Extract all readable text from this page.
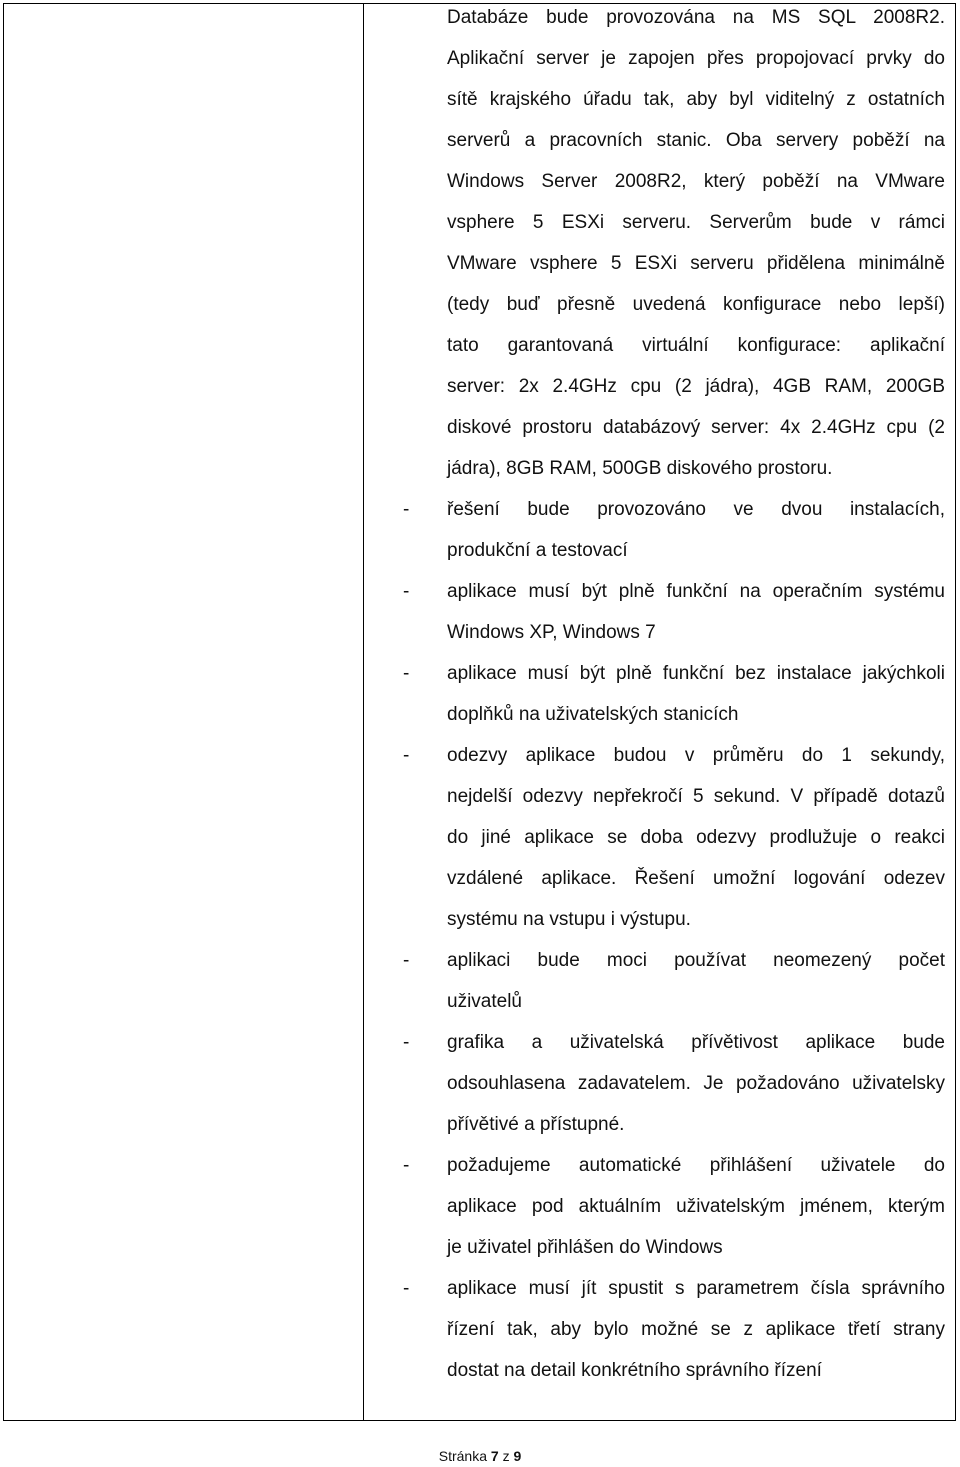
Databáze bude provozována na MS SQL 2008R2.
Aplikační server je zapojen přes propojovací prvky do
sítě krajského úřadu tak, aby byl viditelný z ostatních
serverů a pracovních stanic. Oba servery poběží na
Windows Server 2008R2, který poběží na VMware
vsphere 5 ESXi serveru. Serverům bude v rámci
VMware vsphere 5 ESXi serveru přidělena minimálně
(tedy buď přesně uvedená konfigurace nebo lepší)
tato garantovaná virtuální konfigurace: aplikační
server: 2x 2.4GHz cpu (2 jádra), 4GB RAM, 200GB
diskové prostoru databázový server: 4x 2.4GHz cpu (2
jádra), 8GB RAM, 500GB diskového prostoru.
- řešení bude provozováno ve dvou instalacích,
produkční a testovací
- aplikace musí být plně funkční na operačním systému
Windows XP, Windows 7
- aplikace musí být plně funkční bez instalace jakýchkoli
doplňků na uživatelských stanicích
- odezvy aplikace budou v průměru do 1 sekundy,
nejdelší odezvy nepřekročí 5 sekund. V případě dotazů
do jiné aplikace se doba odezvy prodlužuje o reakci
vzdálené aplikace. Řešení umožní logování odezev
systému na vstupu i výstupu.
- aplikaci bude moci používat neomezený počet
uživatelů
- grafika a uživatelská přívětivost aplikace bude
odsouhlasena zadavatelem. Je požadováno uživatelsky
přívětivé a přístupné.
- požadujeme automatické přihlášení uživatele do
aplikace pod aktuálním uživatelským jménem, kterým
je uživatel přihlášen do Windows
- aplikace musí jít spustit s parametrem čísla správního
řízení tak, aby bylo možné se z aplikace třetí strany
dostat na detail konkrétního správního řízení
Stránka 7 z 9
